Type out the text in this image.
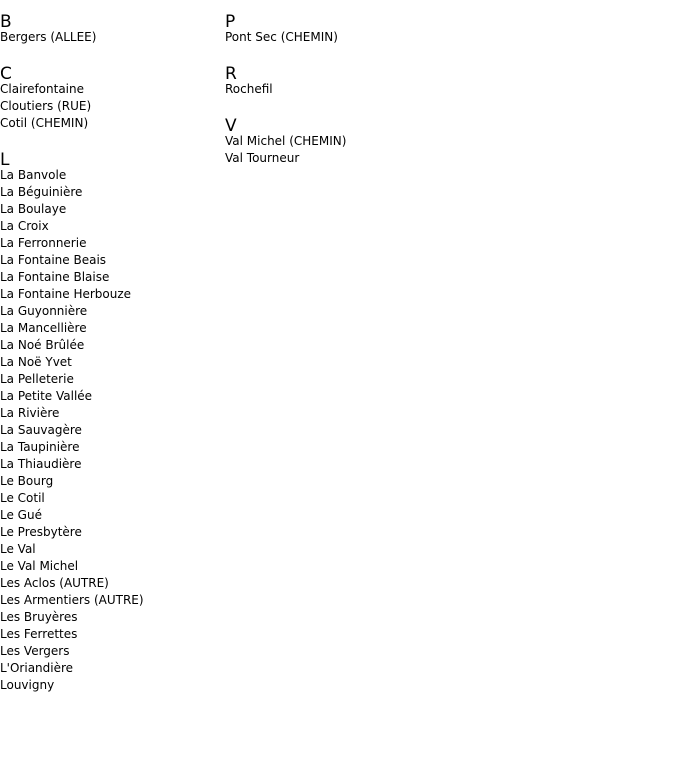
B
Bergers (ALLEE)
C
Clairefontaine
Cloutiers (RUE)
Cotil (CHEMIN)
L
La Banvole
La Béguinière
La Boulaye
La Croix
La Ferronnerie
La Fontaine Beais
La Fontaine Blaise
La Fontaine Herbouze
La Guyonnière
La Mancellière
La Noé Brûlée
La Noë Yvet
La Pelleterie
La Petite Vallée
La Rivière
La Sauvagère
La Taupinière
La Thiaudière
Le Bourg
Le Cotil
Le Gué
Le Presbytère
Le Val
Le Val Michel
Les Aclos (AUTRE)
Les Armentiers (AUTRE)
Les Bruyères
Les Ferrettes
Les Vergers
L'Oriandière
Louvigny
P
Pont Sec (CHEMIN)
R
Rochefil
V
Val Michel (CHEMIN)
Val Tourneur
